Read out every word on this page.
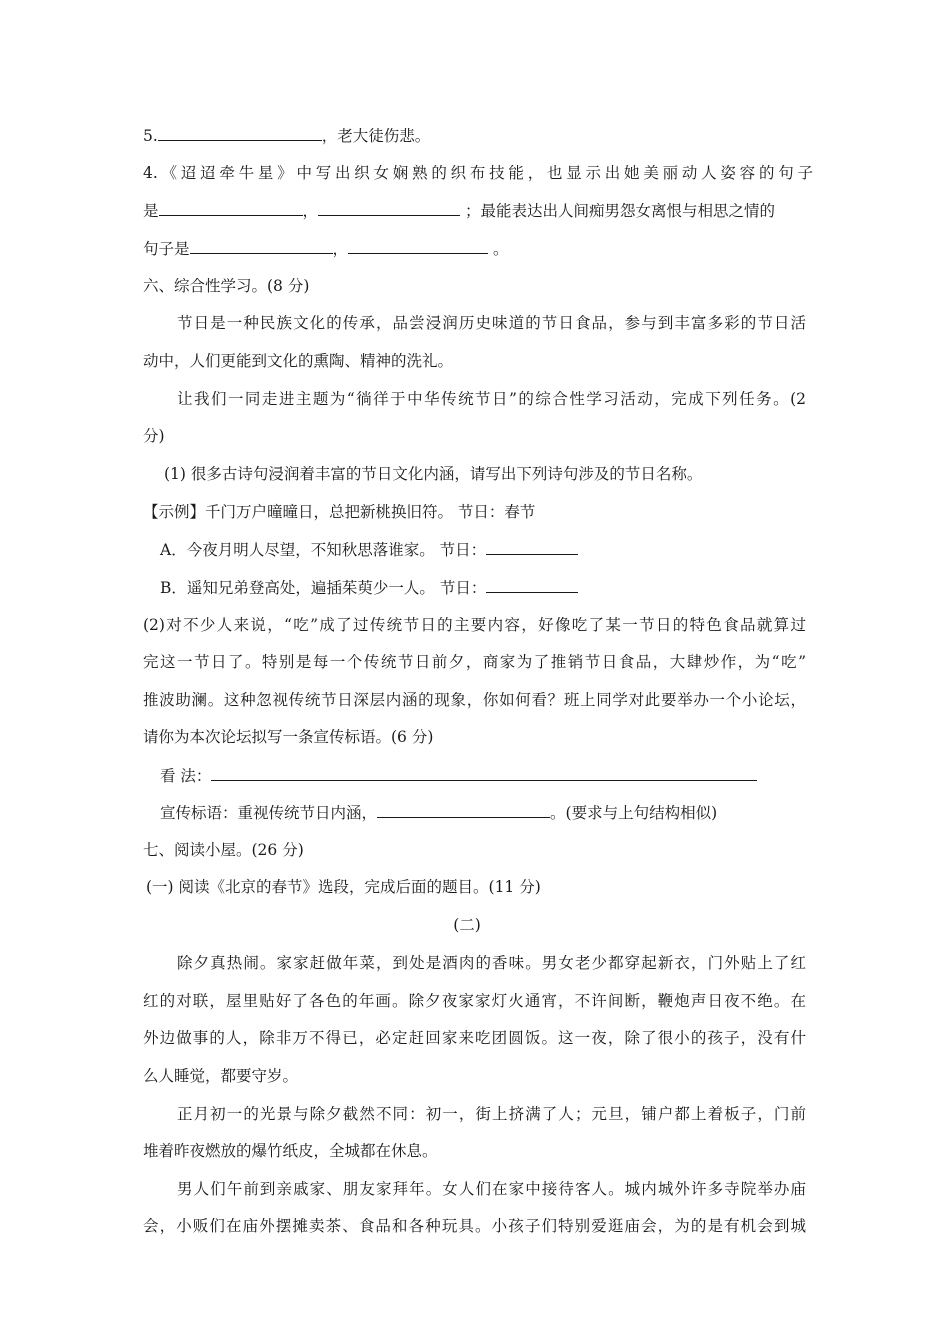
5.	，老大徒伤悲。
4.《迢迢牵牛星》中写出织女娴熟的织布技能，也显示出她美丽动人姿容的句子
是	，	；最能表达出人间痴男怨女离恨与相思之情的
句子是	，	。
六、综合性学习。(8 分)
节日是一种民族文化的传承，品尝浸润历史味道的节日食品，参与到丰富多彩的节日活
动中，人们更能到文化的熏陶、精神的洗礼。
让我们一同走进主题为“徜徉于中华传统节日”的综合性学习活动，完成下列任务。(2
分)
(1) 很多古诗句浸润着丰富的节日文化内涵，请写出下列诗句涉及的节日名称。
【示例】千门万户曈曈日，总把新桃换旧符。 节日：春节
A．今夜月明人尽望，不知秋思落谁家。 节日：
B．遥知兄弟登高处，遍插茱萸少一人。 节日：
(2)对不少人来说，“吃”成了过传统节日的主要内容，好像吃了某一节日的特色食品就算过
完这一节日了。特别是每一个传统节日前夕，商家为了推销节日食品，大肆炒作，为“吃”
推波助澜。这种忽视传统节日深层内涵的现象，你如何看？班上同学对此要举办一个小论坛，
请你为本次论坛拟写一条宣传标语。(6 分)
看 法：
宣传标语：重视传统节日内涵，	。(要求与上句结构相似)
七、阅读小屋。(26 分)
(一) 阅读《北京的春节》选段，完成后面的题目。(11 分)
(二)
除夕真热闹。家家赶做年菜，到处是酒肉的香味。男女老少都穿起新衣，门外贴上了红
红的对联，屋里贴好了各色的年画。除夕夜家家灯火通宵，不许间断，鞭炮声日夜不绝。在
外边做事的人，除非万不得已，必定赶回家来吃团圆饭。这一夜，除了很小的孩子，没有什
么人睡觉，都要守岁。
正月初一的光景与除夕截然不同：初一，街上挤满了人；元旦，铺户都上着板子，门前
堆着昨夜燃放的爆竹纸皮，全城都在休息。
男人们午前到亲戚家、朋友家拜年。女人们在家中接待客人。城内城外许多寺院举办庙
会，小贩们在庙外摆摊卖茶、食品和各种玩具。小孩子们特别爱逛庙会，为的是有机会到城
